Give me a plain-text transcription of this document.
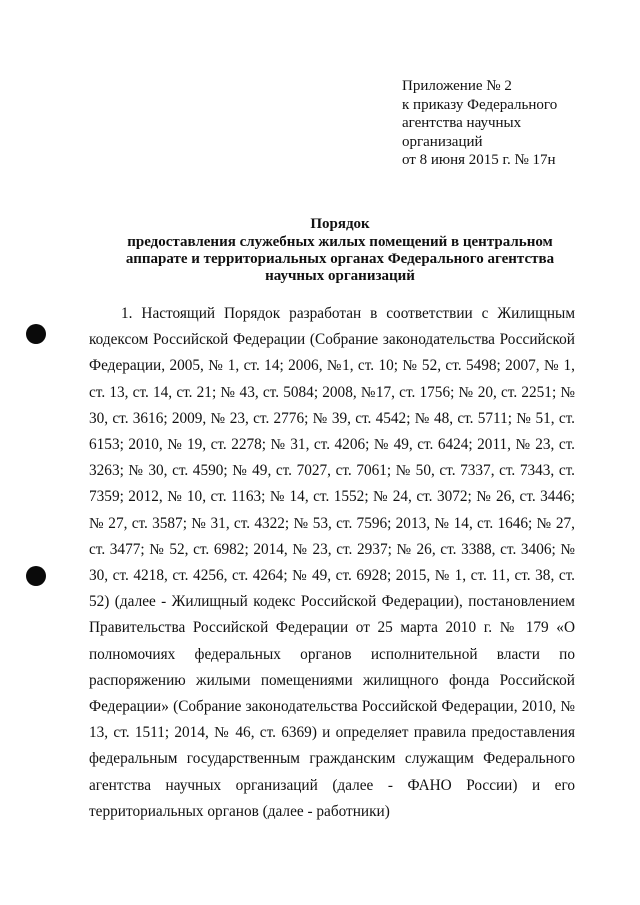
Приложение № 2
к приказу Федерального
агентства научных
организаций
от 8 июня 2015 г. № 17н
Порядок
предоставления служебных жилых помещений в центральном
аппарате и территориальных органах Федерального агентства
научных организаций

1. Настоящий Порядок разработан в соответствии с Жилищным кодексом Российской Федерации (Собрание законодательства Российской Федерации, 2005, № 1, ст. 14; 2006, №1, ст. 10; № 52, ст. 5498; 2007, № 1, ст. 13, ст. 14, ст. 21; № 43, ст. 5084; 2008, №17, ст. 1756; № 20, ст. 2251; № 30, ст. 3616; 2009, № 23, ст. 2776; № 39, ст. 4542; № 48, ст. 5711; № 51, ст. 6153; 2010, № 19, ст. 2278; № 31, ст. 4206; № 49, ст. 6424; 2011, № 23, ст. 3263; № 30, ст. 4590; № 49, ст. 7027, ст. 7061; № 50, ст. 7337, ст. 7343, ст. 7359; 2012, № 10, ст. 1163; № 14, ст. 1552; № 24, ст. 3072; № 26, ст. 3446; № 27, ст. 3587; № 31, ст. 4322; № 53, ст. 7596; 2013, № 14, ст. 1646; № 27, ст. 3477; № 52, ст. 6982; 2014, № 23, ст. 2937; № 26, ст. 3388, ст. 3406; № 30, ст. 4218, ст. 4256, ст. 4264; № 49, ст. 6928; 2015, № 1, ст. 11, ст. 38, ст. 52) (далее - Жилищный кодекс Российской Федерации), постановлением Правительства Российской Федерации от 25 марта 2010 г. № 179 «О полномочиях федеральных органов исполнительной власти по распоряжению жилыми помещениями жилищного фонда Российской Федерации» (Собрание законодательства Российской Федерации, 2010, № 13, ст. 1511; 2014, № 46, ст. 6369) и определяет правила предоставления федеральным государственным гражданским служащим Федерального агентства научных организаций (далее - ФАНО России) и его территориальных органов (далее - работники)
